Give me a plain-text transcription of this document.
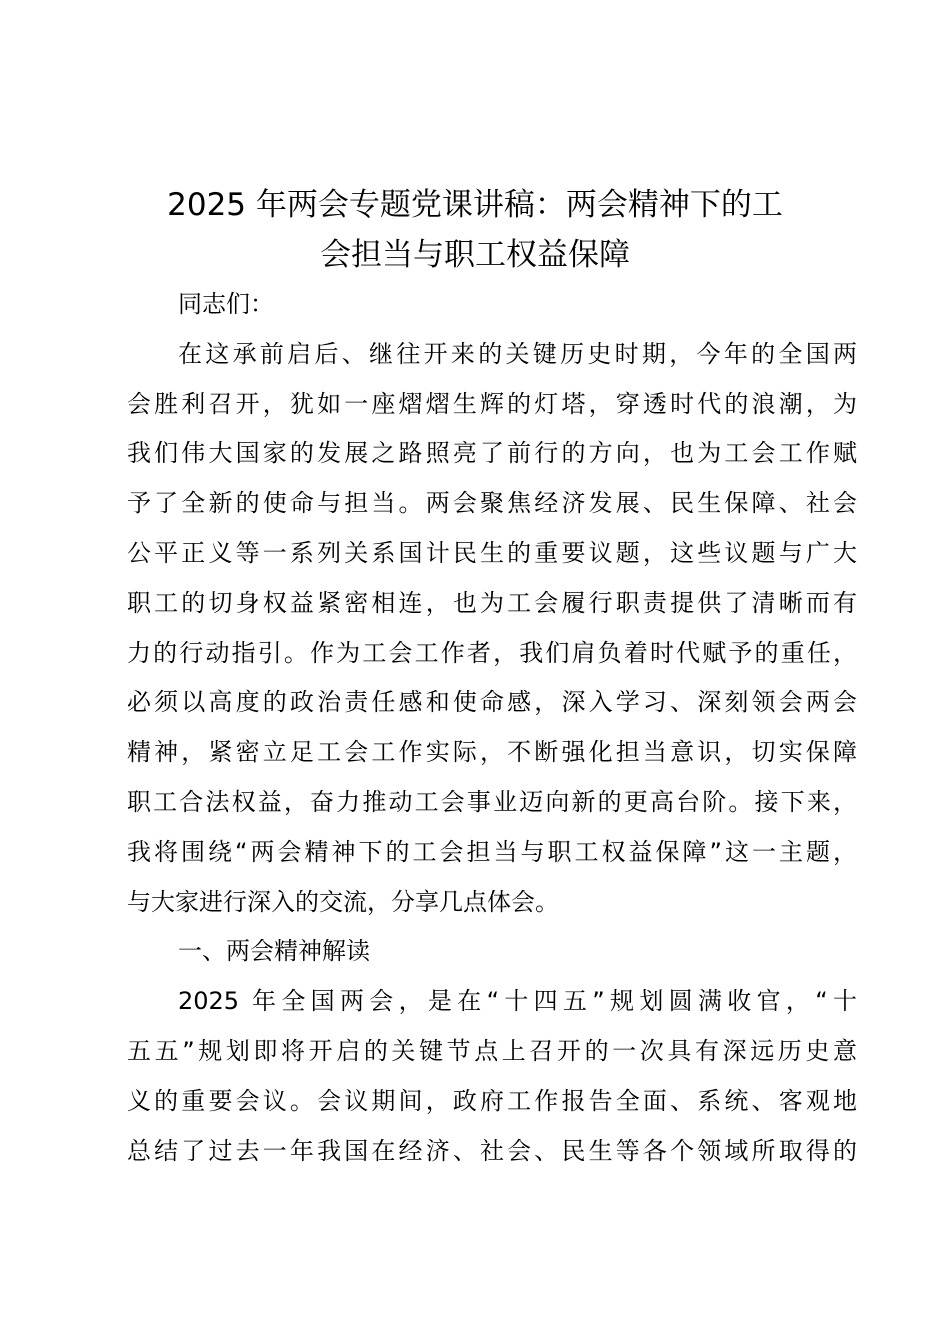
2025 年两会专题党课讲稿：两会精神下的工
会担当与职工权益保障
同志们：
在这承前启后、继往开来的关键历史时期，今年的全国两
会胜利召开，犹如一座熠熠生辉的灯塔，穿透时代的浪潮，为
我们伟大国家的发展之路照亮了前行的方向，也为工会工作赋
予了全新的使命与担当。两会聚焦经济发展、民生保障、社会
公平正义等一系列关系国计民生的重要议题，这些议题与广大
职工的切身权益紧密相连，也为工会履行职责提供了清晰而有
力的行动指引。作为工会工作者，我们肩负着时代赋予的重任，
必须以高度的政治责任感和使命感，深入学习、深刻领会两会
精神，紧密立足工会工作实际，不断强化担当意识，切实保障
职工合法权益，奋力推动工会事业迈向新的更高台阶。接下来，
我将围绕“两会精神下的工会担当与职工权益保障”这一主题，
与大家进行深入的交流，分享几点体会。
一、两会精神解读
2025 年全国两会，是在“十四五”规划圆满收官，“十
五五”规划即将开启的关键节点上召开的一次具有深远历史意
义的重要会议。会议期间，政府工作报告全面、系统、客观地
总结了过去一年我国在经济、社会、民生等各个领域所取得的
